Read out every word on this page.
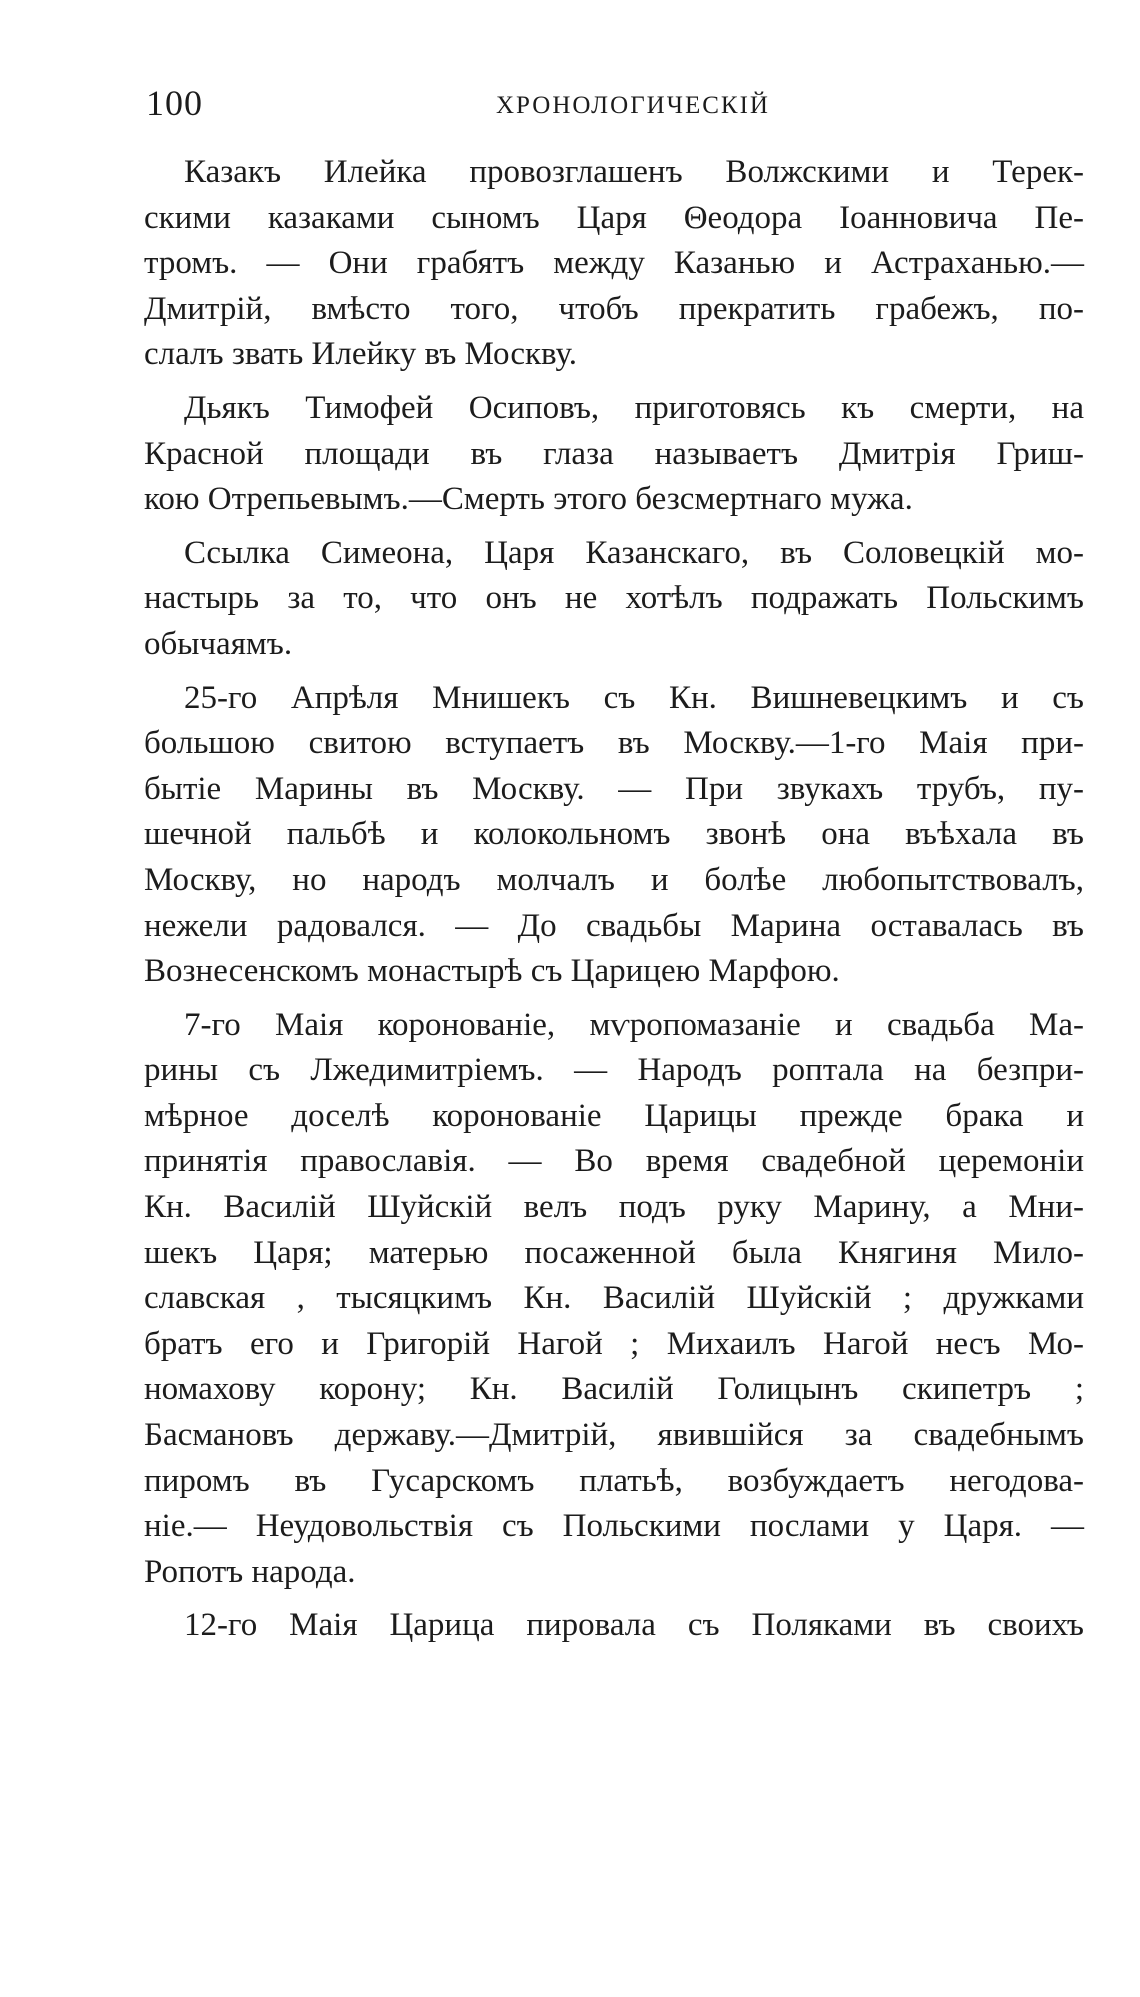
100	ХРОНОЛОГИЧЕСКІЙ

Казакъ Илейка провозглашенъ Волжскими и Терек-
скими казаками сыномъ Царя Θеодора Іоанновича Пе-
тромъ. — Они грабятъ между Казанью и Астраханью.—
Дмитрій, вмѣсто того, чтобъ прекратить грабежъ, по-
слалъ звать Илейку въ Москву.

Дьякъ Тимофей Осиповъ, приготовясь къ смерти, на
Красной площади въ глаза называетъ Дмитрія Гриш-
кою Отрепьевымъ.—Смерть этого безсмертнаго мужа.

Ссылка Симеона, Царя Казанскаго, въ Соловецкій мо-
настырь за то, что онъ не хотѣлъ подражать Польскимъ
обычаямъ.

25-го Апрѣля Мнишекъ съ Кн. Вишневецкимъ и съ
большою свитою вступаетъ въ Москву.—1-го Маія при-
бытіе Марины въ Москву. — При звукахъ трубъ, пу-
шечной пальбѣ и колокольномъ звонѣ она въѣхала въ
Москву, но народъ молчалъ и болѣе любопытствовалъ,
нежели радовался. — До свадьбы Марина оставалась въ
Вознесенскомъ монастырѣ съ Царицею Марфою.

7-го Маія коронованіе, мѵропомазаніе и свадьба Ма-
рины съ Лжедимитріемъ. — Народъ роптала на безпри-
мѣрное доселѣ коронованіе Царицы прежде брака и
принятія православія. — Во время свадебной церемоніи
Кн. Василій Шуйскій велъ подъ руку Марину, а Мни-
шекъ Царя; матерью посаженной была Княгиня Мило-
славская , тысяцкимъ Кн. Василій Шуйскій ; дружками
братъ его и Григорій Нагой ; Михаилъ Нагой несъ Мо-
номахову корону; Кн. Василій Голицынъ скипетръ ;
Басмановъ державу.—Дмитрій, явившійся за свадебнымъ
пиромъ въ Гусарскомъ платьѣ, возбуждаетъ негодова-
ніе.— Неудовольствія съ Польскими послами у Царя. —
Ропотъ народа.

12-го Маія Царица пировала съ Поляками въ своихъ
